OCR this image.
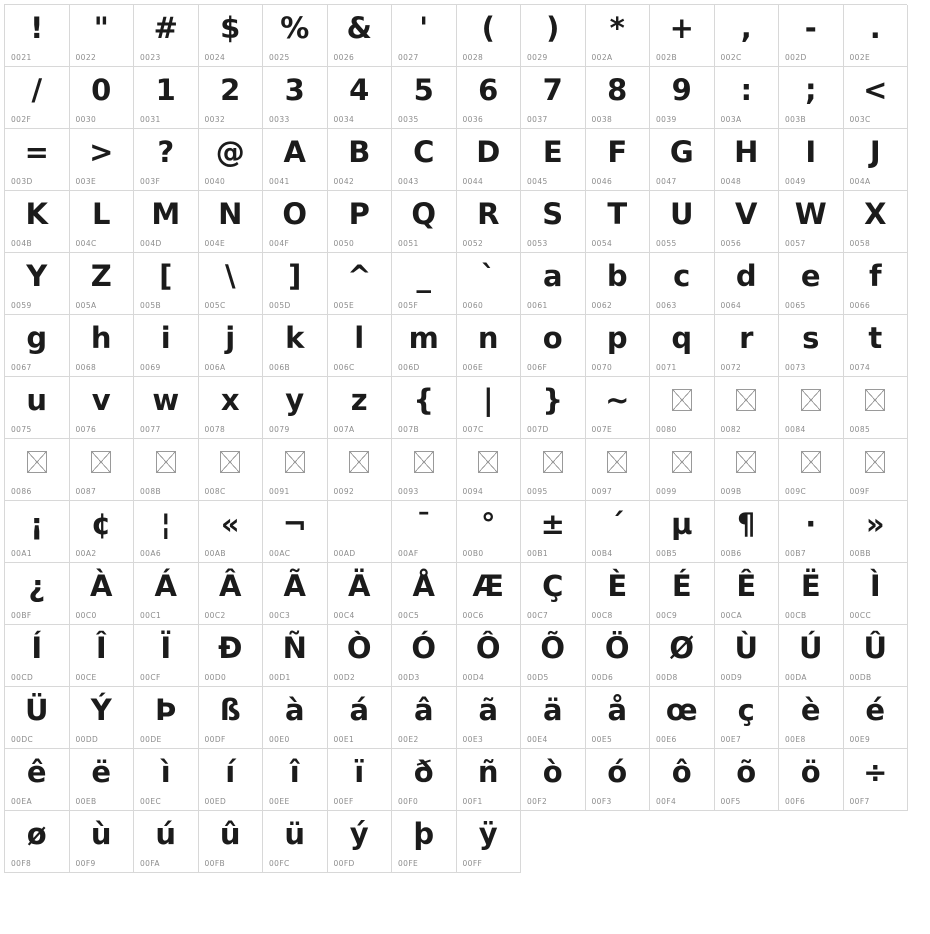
!
0021
"
0022
#
0023
$
0024
%
0025
&
0026
'
0027
(
0028
)
0029
*
002A
+
002B
,
002C
-
002D
.
002E
/
002F
0
0030
1
0031
2
0032
3
0033
4
0034
5
0035
6
0036
7
0037
8
0038
9
0039
:
003A
;
003B
<
003C
=
003D
>
003E
?
003F
@
0040
A
0041
B
0042
C
0043
D
0044
E
0045
F
0046
G
0047
H
0048
I
0049
J
004A
K
004B
L
004C
M
004D
N
004E
O
004F
P
0050
Q
0051
R
0052
S
0053
T
0054
U
0055
V
0056
W
0057
X
0058
Y
0059
Z
005A
[
005B
\
005C
]
005D
^
005E
_
005F
`
0060
a
0061
b
0062
c
0063
d
0064
e
0065
f
0066
g
0067
h
0068
i
0069
j
006A
k
006B
l
006C
m
006D
n
006E
o
006F
p
0070
q
0071
r
0072
s
0073
t
0074
u
0075
v
0076
w
0077
x
0078
y
0079
z
007A
{
007B
|
007C
}
007D
~
007E	0080	0082	0084	0085
0086	0087	008B	008C	0091	0092	0093	0094	0095	0097	0099	009B	009C	009F
¡
00A1
¢
00A2
¦
00A6
«
00AB
¬
00AC	00AD
¯
00AF
°
00B0
±
00B1
´
00B4
µ
00B5
¶
00B6
·
00B7
»
00BB
¿
00BF
À
00C0
Á
00C1
Â
00C2
Ã
00C3
Ä
00C4
Å
00C5
Æ
00C6
Ç
00C7
È
00C8
É
00C9
Ê
00CA
Ë
00CB
Ì
00CC
Í
00CD
Î
00CE
Ï
00CF
Ð
00D0
Ñ
00D1
Ò
00D2
Ó
00D3
Ô
00D4
Õ
00D5
Ö
00D6
Ø
00D8
Ù
00D9
Ú
00DA
Û
00DB
Ü
00DC
Ý
00DD
Þ
00DE
ß
00DF
à
00E0
á
00E1
â
00E2
ã
00E3
ä
00E4
å
00E5
œ
00E6
ç
00E7
è
00E8
é
00E9
ê
00EA
ë
00EB
ì
00EC
í
00ED
î
00EE
ï
00EF
ð
00F0
ñ
00F1
ò
00F2
ó
00F3
ô
00F4
õ
00F5
ö
00F6
÷
00F7
ø
00F8
ù
00F9
ú
00FA
û
00FB
ü
00FC
ý
00FD
þ
00FE
ÿ
00FF
